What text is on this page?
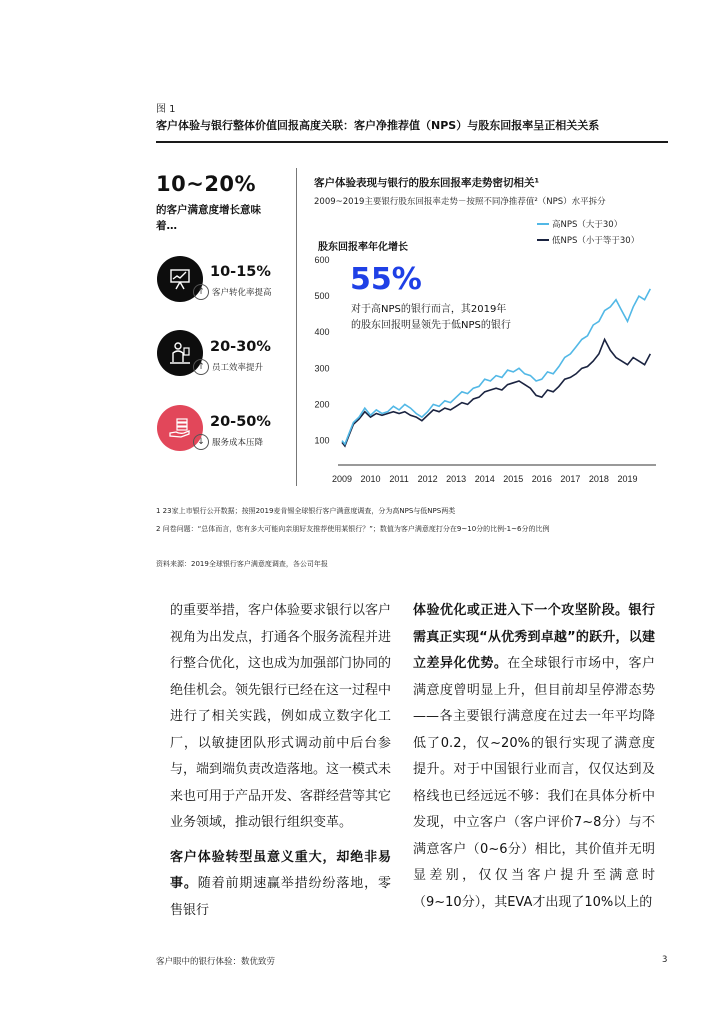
图 1
客户体验与银行整体价值回报高度关联：客户净推荐值（NPS）与股东回报率呈正相关关系
10~20%
的客户满意度增长意味着…
10-15%
↑ 客户转化率提高
20-30%
↑ 员工效率提升
20-50%
↓ 服务成本压降
客户体验表现与银行的股东回报率走势密切相关¹
2009~2019主要银行股东回报率走势－按照不同净推荐值²（NPS）水平拆分
高NPS（大于30）
低NPS（小于等于30）
股东回报率年化增长
100
200
300
400
500
600
2009 2010 2011 2012 2013 2014 2015 2016 2017 2018 2019
55%
对于高NPS的银行而言，其2019年的股东回报明显领先于低NPS的银行
1 23家上市银行公开数据；按照2019麦肯锡全球银行客户满意度调查，分为高NPS与低NPS两类
2 问卷问题：“总体而言，您有多大可能向亲朋好友推荐使用某银行？”；数值为客户满意度打分在9~10分的比例-1~6分的比例
资料来源：2019全球银行客户满意度调查，各公司年报
的重要举措，客户体验要求银行以客户视角为出发点，打通各个服务流程并进行整合优化，这也成为加强部门协同的绝佳机会。领先银行已经在这一过程中进行了相关实践，例如成立数字化工厂，以敏捷团队形式调动前中后台参与，端到端负责改造落地。这一模式未来也可用于产品开发、客群经营等其它业务领域，推动银行组织变革。
客户体验转型虽意义重大，却绝非易事。随着前期速赢举措纷纷落地，零售银行
体验优化或正进入下一个攻坚阶段。银行需真正实现“从优秀到卓越”的跃升，以建立差异化优势。在全球银行市场中，客户满意度曾明显上升，但目前却呈停滞态势——各主要银行满意度在过去一年平均降低了0.2，仅~20%的银行实现了满意度提升。对于中国银行业而言，仅仅达到及格线也已经远远不够：我们在具体分析中发现，中立客户（客户评价7~8分）与不满意客户（0~6分）相比，其价值并无明显差别，仅仅当客户提升至满意时（9~10分），其EVA才出现了10%以上的
客户眼中的银行体验：数优致劳	3
